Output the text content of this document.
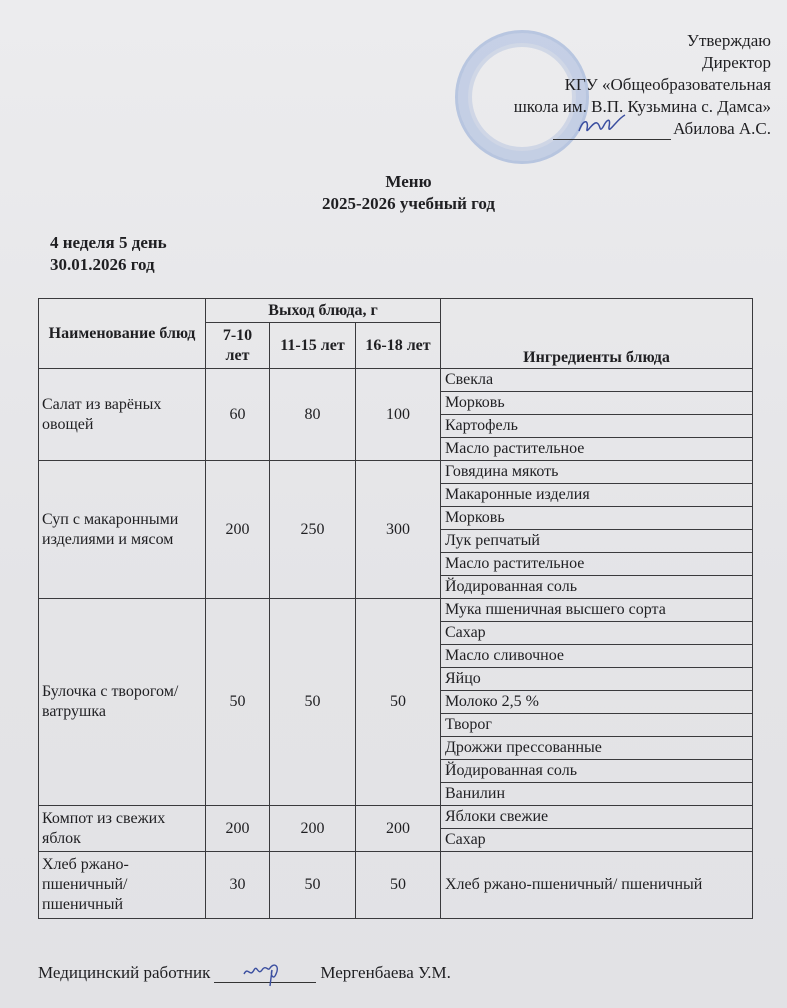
Утверждаю
Директор
КГУ «Общеобразовательная
школа им. В.П. Кузьмина с. Дамса»
Абилова А.С.
Меню
2025-2026 учебный год
4 неделя 5 день
30.01.2026 год
Наименование блюд	Выход блюда, г			Ингредиенты блюда
	7-10 лет	11-15 лет	16-18 лет	
Салат из варёных овощей	60	80	100	Свекла
				Морковь
				Картофель
				Масло растительное
Суп с макаронными изделиями и мясом	200	250	300	Говядина мякоть
				Макаронные изделия
				Морковь
				Лук репчатый
				Масло растительное
				Йодированная соль
Булочка с творогом/ ватрушка	50	50	50	Мука пшеничная высшего сорта
				Сахар
				Масло сливочное
				Яйцо
				Молоко 2,5 %
				Творог
				Дрожжи прессованные
				Йодированная соль
				Ванилин
Компот из свежих яблок	200	200	200	Яблоки свежие
				Сахар
Хлеб ржано-пшеничный/ пшеничный	30	50	50	Хлеб ржано-пшеничный/ пшеничный
Медицинский работник	Мергенбаева У.М.
